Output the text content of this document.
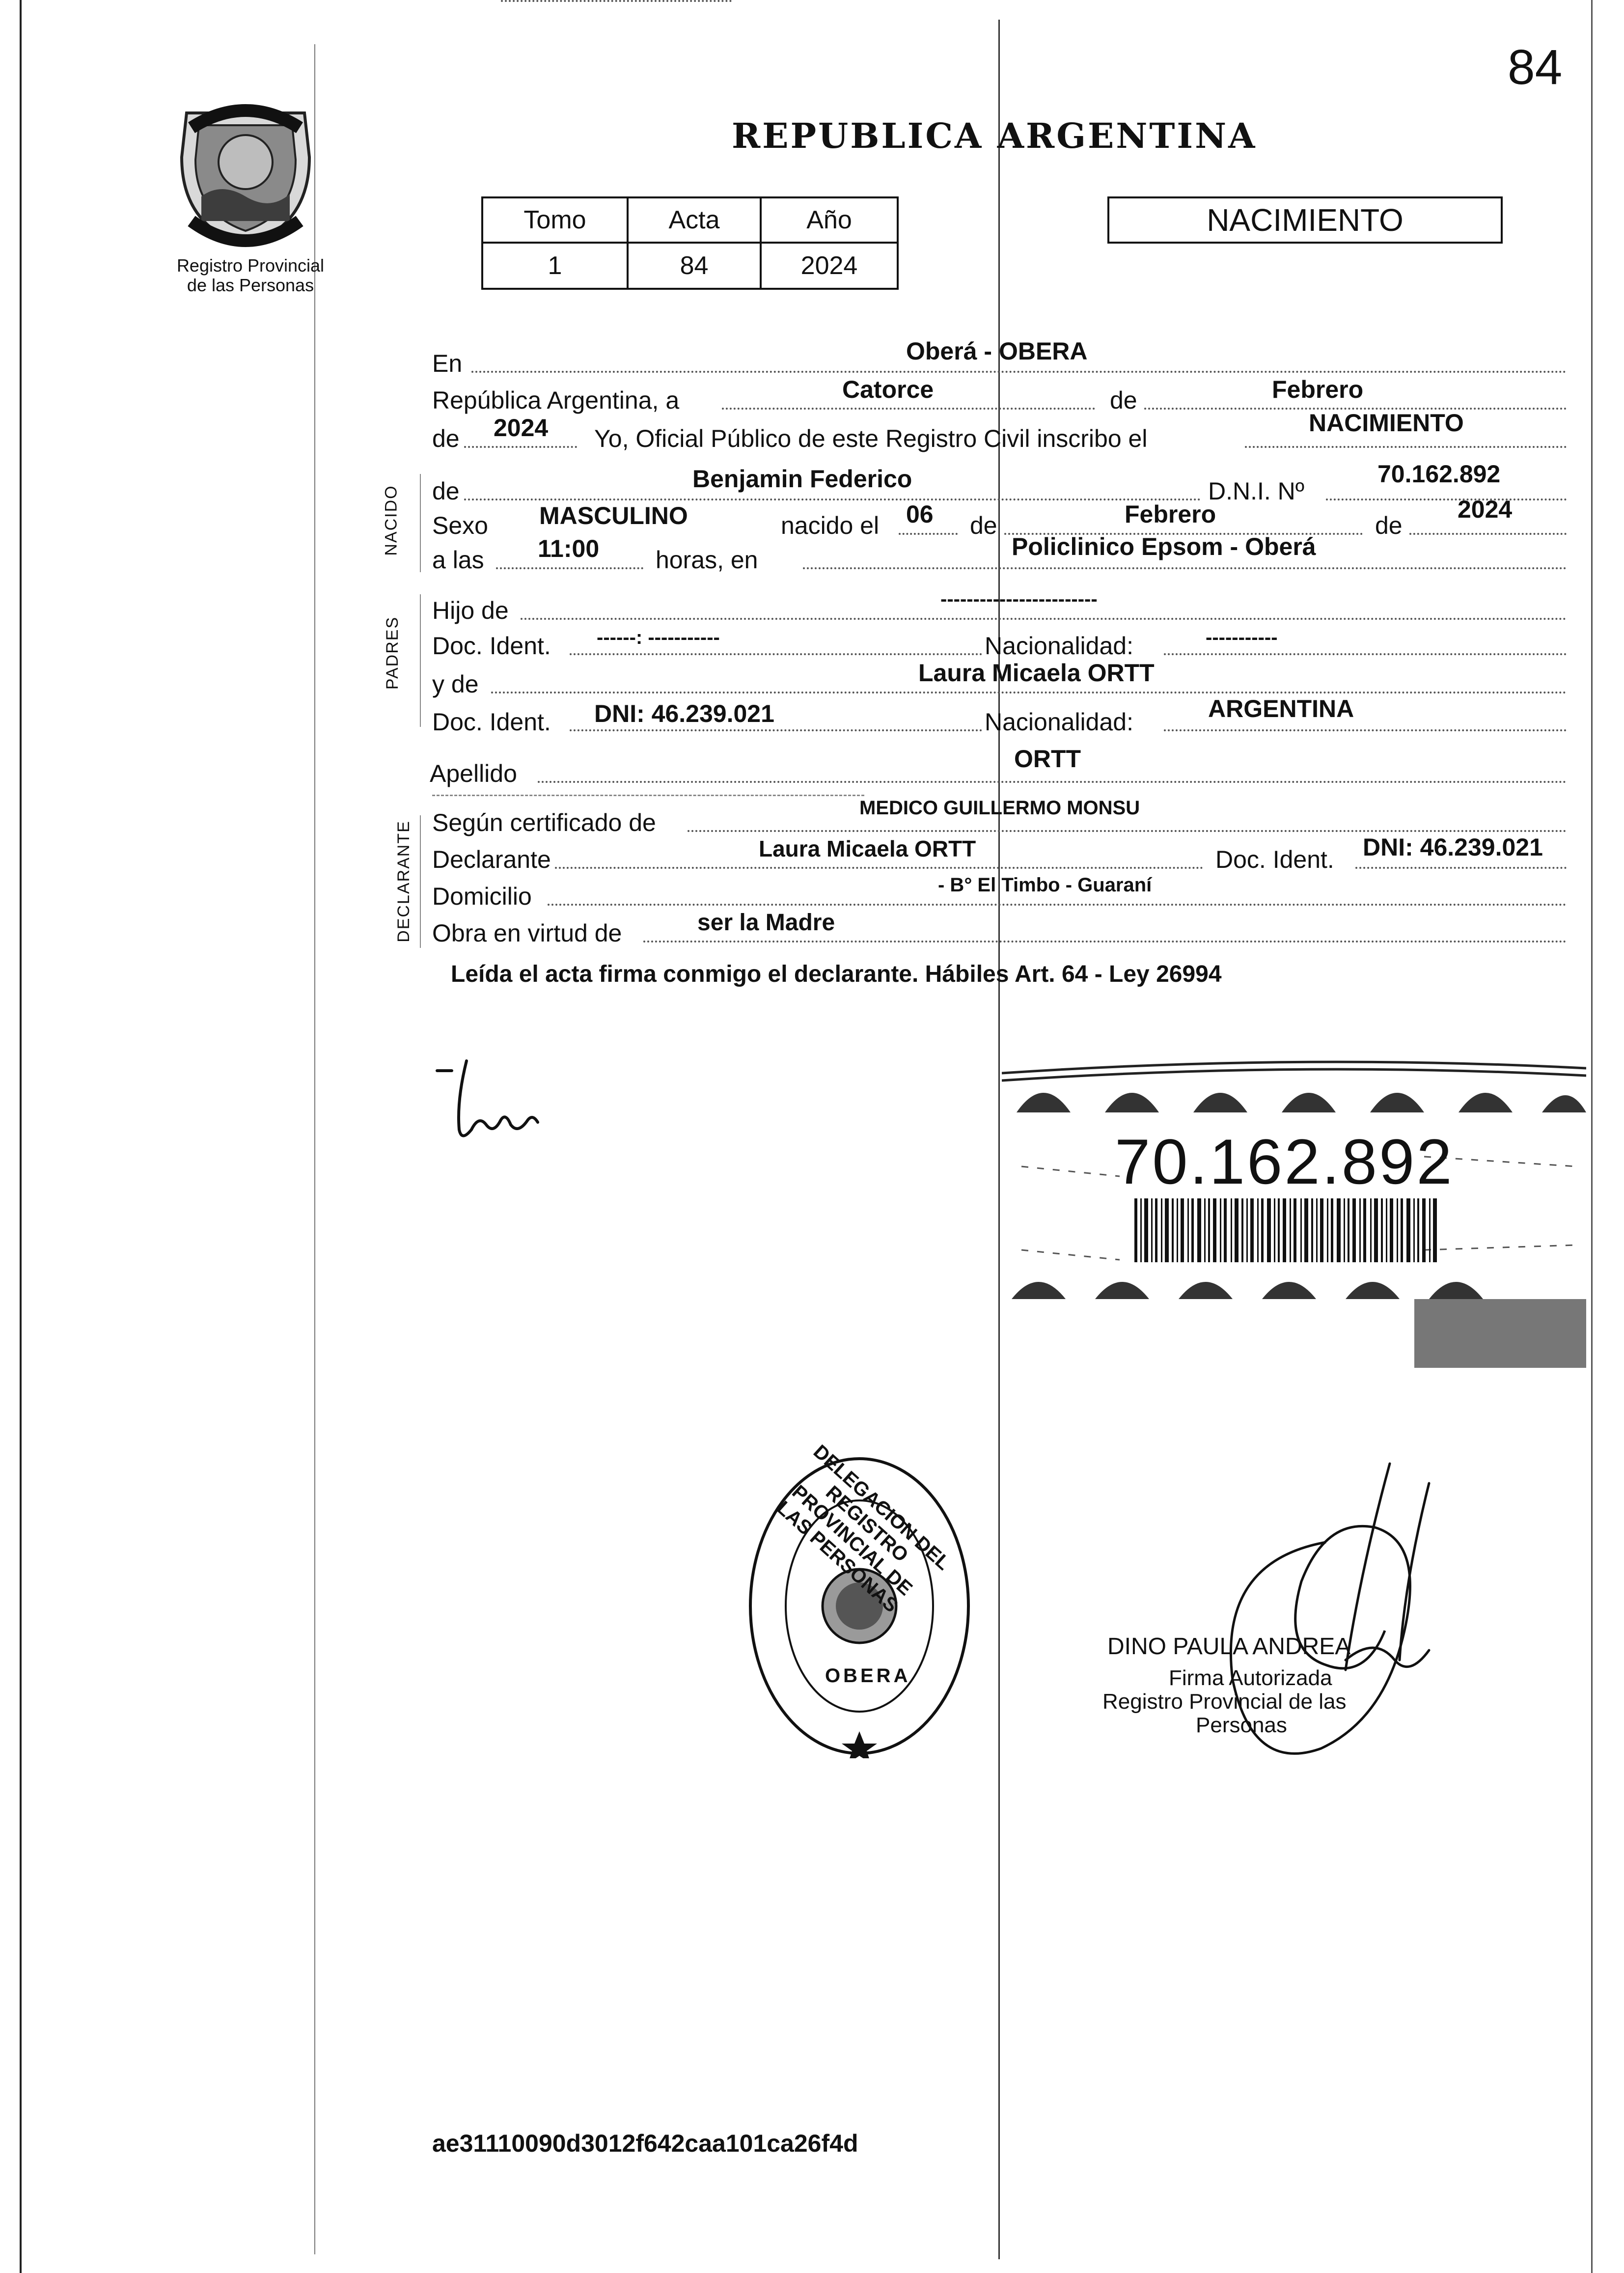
84
Registro Provincial
de las Personas
REPUBLICA ARGENTINA
Tomo	Acta	Año
1	84	2024
NACIMIENTO
NACIDO
PADRES
DECLARANTE
En	Oberá - OBERA
República Argentina, a	Catorce	de	Febrero
de 2024 Yo, Oficial Público de este Registro Civil inscribo el
NACIMIENTO
de	Benjamin Federico	D.N.I. Nº
70.162.892
Sexo MASCULINO	nacido el 06 de	Febrero	de
2024
a las 11:00 horas, en	Policlinico Epsom - Oberá
Hijo de	------------------------
Doc. Ident. ------: -----------	Nacionalidad:	-----------
y de	Laura Micaela ORTT
Doc. Ident. DNI: 46.239.021	Nacionalidad:	ARGENTINA
Apellido
ORTT
Según certificado de
MEDICO GUILLERMO MONSU
Declarante	Laura Micaela ORTT	Doc. Ident. DNI: 46.239.021
Domicilio	- B° El Timbo - Guaraní
Obra en virtud de	ser la Madre
Leída el acta firma conmigo el declarante. Hábiles Art. 64 - Ley 26994
70.162.892
DELEGACION DEL REGISTRO PROVINCIAL DE LAS PERSONAS
OBERA
DINO PAULA ANDREA
Firma Autorizada
Registro Provincial de las
Personas
ae31110090d3012f642caa101ca26f4d
